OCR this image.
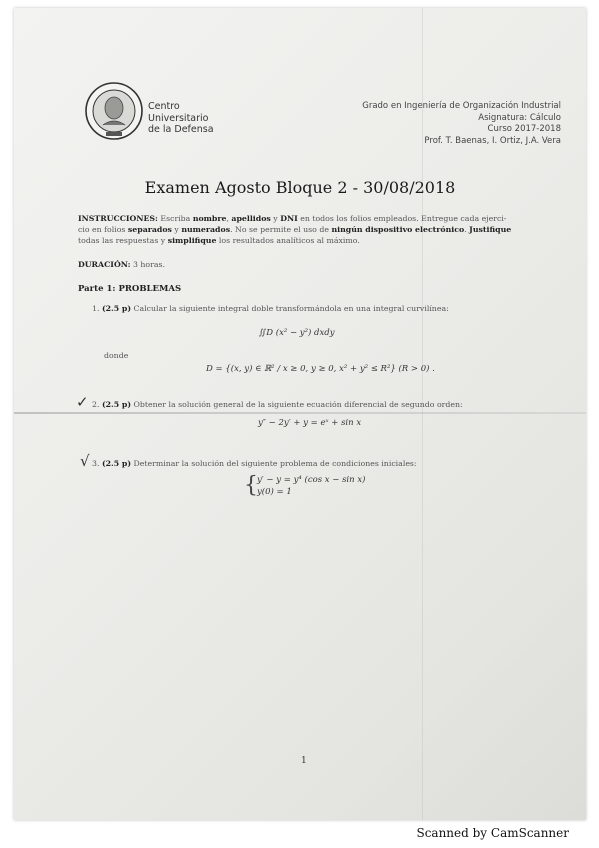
Centro
Universitario
de la Defensa
Grado en Ingeniería de Organización Industrial
Asignatura: Cálculo
Curso 2017-2018
Prof. T. Baenas, I. Ortiz, J.A. Vera
Examen Agosto Bloque 2 - 30/08/2018
INSTRUCCIONES: Escriba nombre, apellidos y DNI en todos los folios empleados. Entregue cada ejerci-
cio en folios separados y numerados. No se permite el uso de ningún dispositivo electrónico. Justifique
todas las respuestas y simplifique los resultados analíticos al máximo.
DURACIÓN: 3 horas.
Parte 1: PROBLEMAS
1. (2.5 p) Calcular la siguiente integral doble transformándola en una integral curvilínea:
∬D (x² − y²) dxdy
donde
D = {(x, y) ∈ ℝ² / x ≥ 0, y ≥ 0, x² + y² ≤ R²} (R > 0) .
✓ 2. (2.5 p) Obtener la solución general de la siguiente ecuación diferencial de segundo orden:
y″ − 2y′ + y = eˣ + sin x
√ 3. (2.5 p) Determinar la solución del siguiente problema de condiciones iniciales:
{ y′ − y = y⁴ (cos x − sin x)
y(0) = 1
1
Scanned by CamScanner
